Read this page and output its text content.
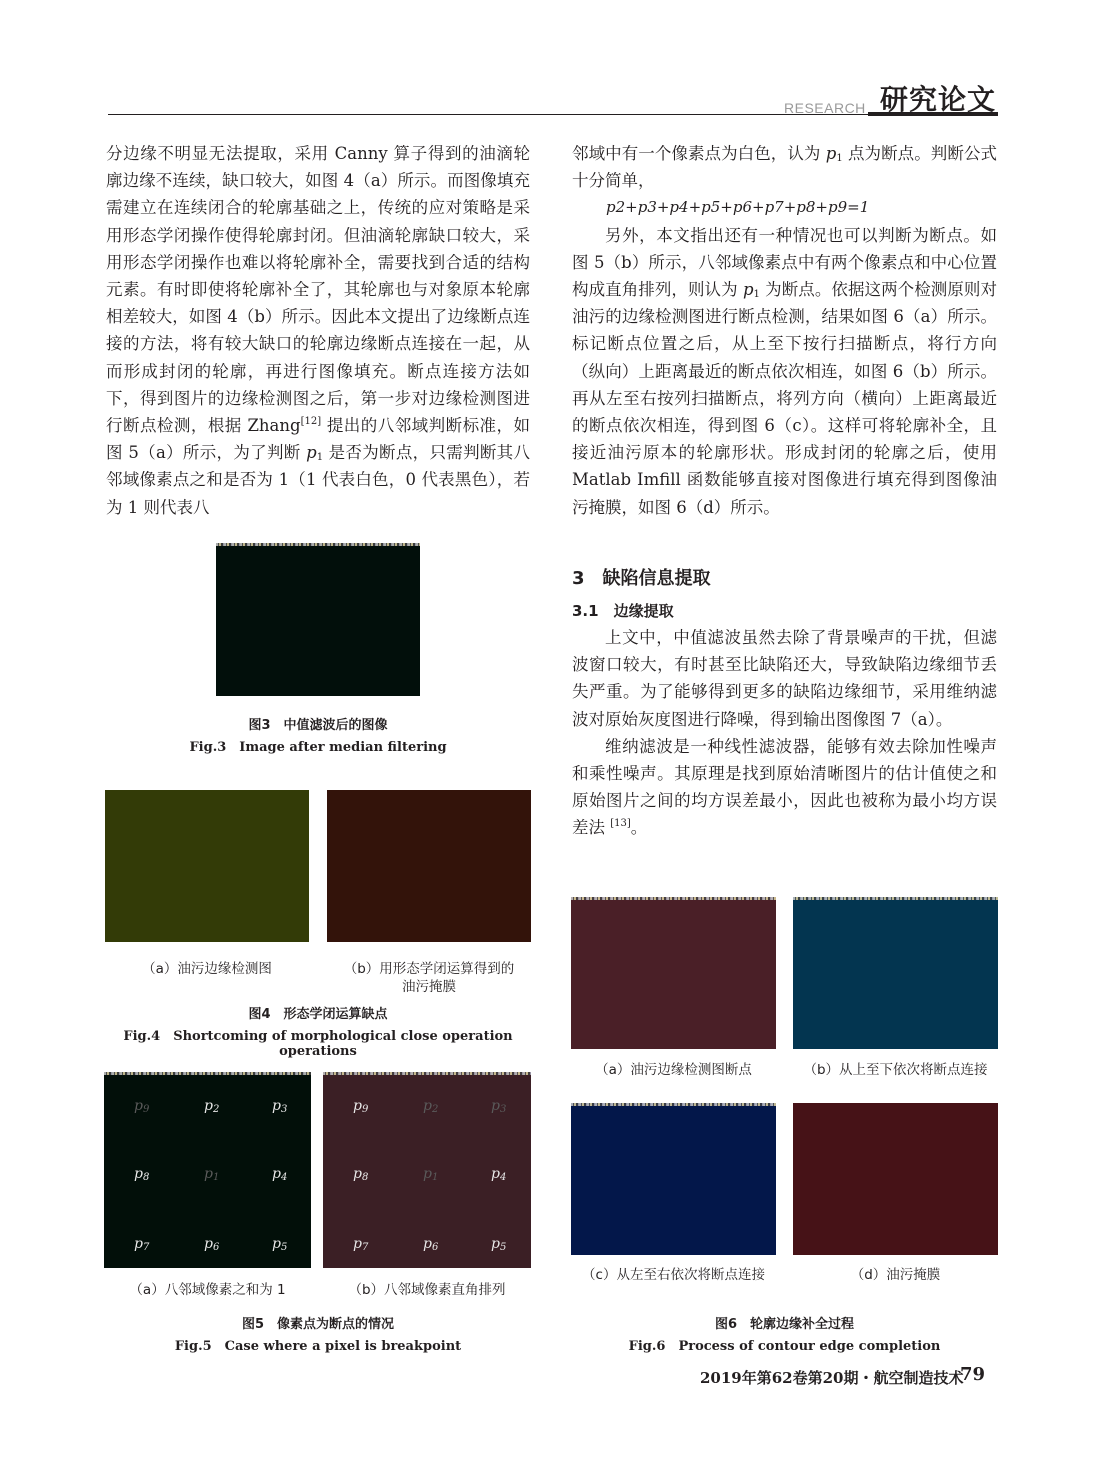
RESEARCH 研究论文

分边缘不明显无法提取，采用 Canny 算子得到的油滴轮廓边缘不连续，缺口较大，如图 4（a）所示。而图像填充需建立在连续闭合的轮廓基础之上，传统的应对策略是采用形态学闭操作使得轮廓封闭。但油滴轮廓缺口较大，采用形态学闭操作也难以将轮廓补全，需要找到合适的结构元素。有时即使将轮廓补全了，其轮廓也与对象原本轮廓相差较大，如图 4（b）所示。因此本文提出了边缘断点连接的方法，将有较大缺口的轮廓边缘断点连接在一起，从而形成封闭的轮廓，再进行图像填充。断点连接方法如下，得到图片的边缘检测图之后，第一步对边缘检测图进行断点检测，根据 Zhang[12] 提出的八邻域判断标准，如图 5（a）所示，为了判断 $p_1$ 是否为断点，只需判断其八邻域像素点之和是否为 1（1 代表白色，0 代表黑色），若为 1 则代表八

邻域中有一个像素点为白色，认为 $p_1$ 点为断点。判断公式十分简单，

p2+p3+p4+p5+p6+p7+p8+p9=1

另外，本文指出还有一种情况也可以判断为断点。如图 5（b）所示，八邻域像素点中有两个像素点和中心位置构成直角排列，则认为 $p_1$ 为断点。依据这两个检测原则对油污的边缘检测图进行断点检测，结果如图 6（a）所示。标记断点位置之后，从上至下按行扫描断点，将行方向（纵向）上距离最近的断点依次相连，如图 6（b）所示。再从左至右按列扫描断点，将列方向（横向）上距离最近的断点依次相连，得到图 6（c）。这样可将轮廓补全，且接近油污原本的轮廓形状。形成封闭的轮廓之后，使用 Matlab Imfill 函数能够直接对图像进行填充得到图像油污掩膜，如图 6（d）所示。

3　缺陷信息提取
3.1　边缘提取

上文中，中值滤波虽然去除了背景噪声的干扰，但滤波窗口较大，有时甚至比缺陷还大，导致缺陷边缘细节丢失严重。为了能够得到更多的缺陷边缘细节，采用维纳滤波对原始灰度图进行降噪，得到输出图像图 7（a）。

维纳滤波是一种线性滤波器，能够有效去除加性噪声和乘性噪声。其原理是找到原始清晰图片的估计值使之和原始图片之间的均方误差最小，因此也被称为最小均方误差法 [13]。

图3　中值滤波后的图像
Fig.3　Image after median filtering
（a）油污边缘检测图	（b）用形态学闭运算得到的
油污掩膜
图4　形态学闭运算缺点
Fig.4　Shortcoming of morphological close operation operations
$p_9$	$p_2$	$p_3$
$p_8$	$p_1$	$p_4$
$p_7$	$p_6$	$p_5$
$p_9$	$p_2$	$p_3$
$p_8$	$p_1$	$p_4$
$p_7$	$p_6$	$p_5$
（a）八邻域像素之和为 1	（b）八邻域像素直角排列
图5　像素点为断点的情况
Fig.5　Case where a pixel is breakpoint
（a）油污边缘检测图断点	（b）从上至下依次将断点连接
（c）从左至右依次将断点连接	（d）油污掩膜
图6　轮廓边缘补全过程
Fig.6　Process of contour edge completion
2019年第62卷第20期・航空制造技术
79
